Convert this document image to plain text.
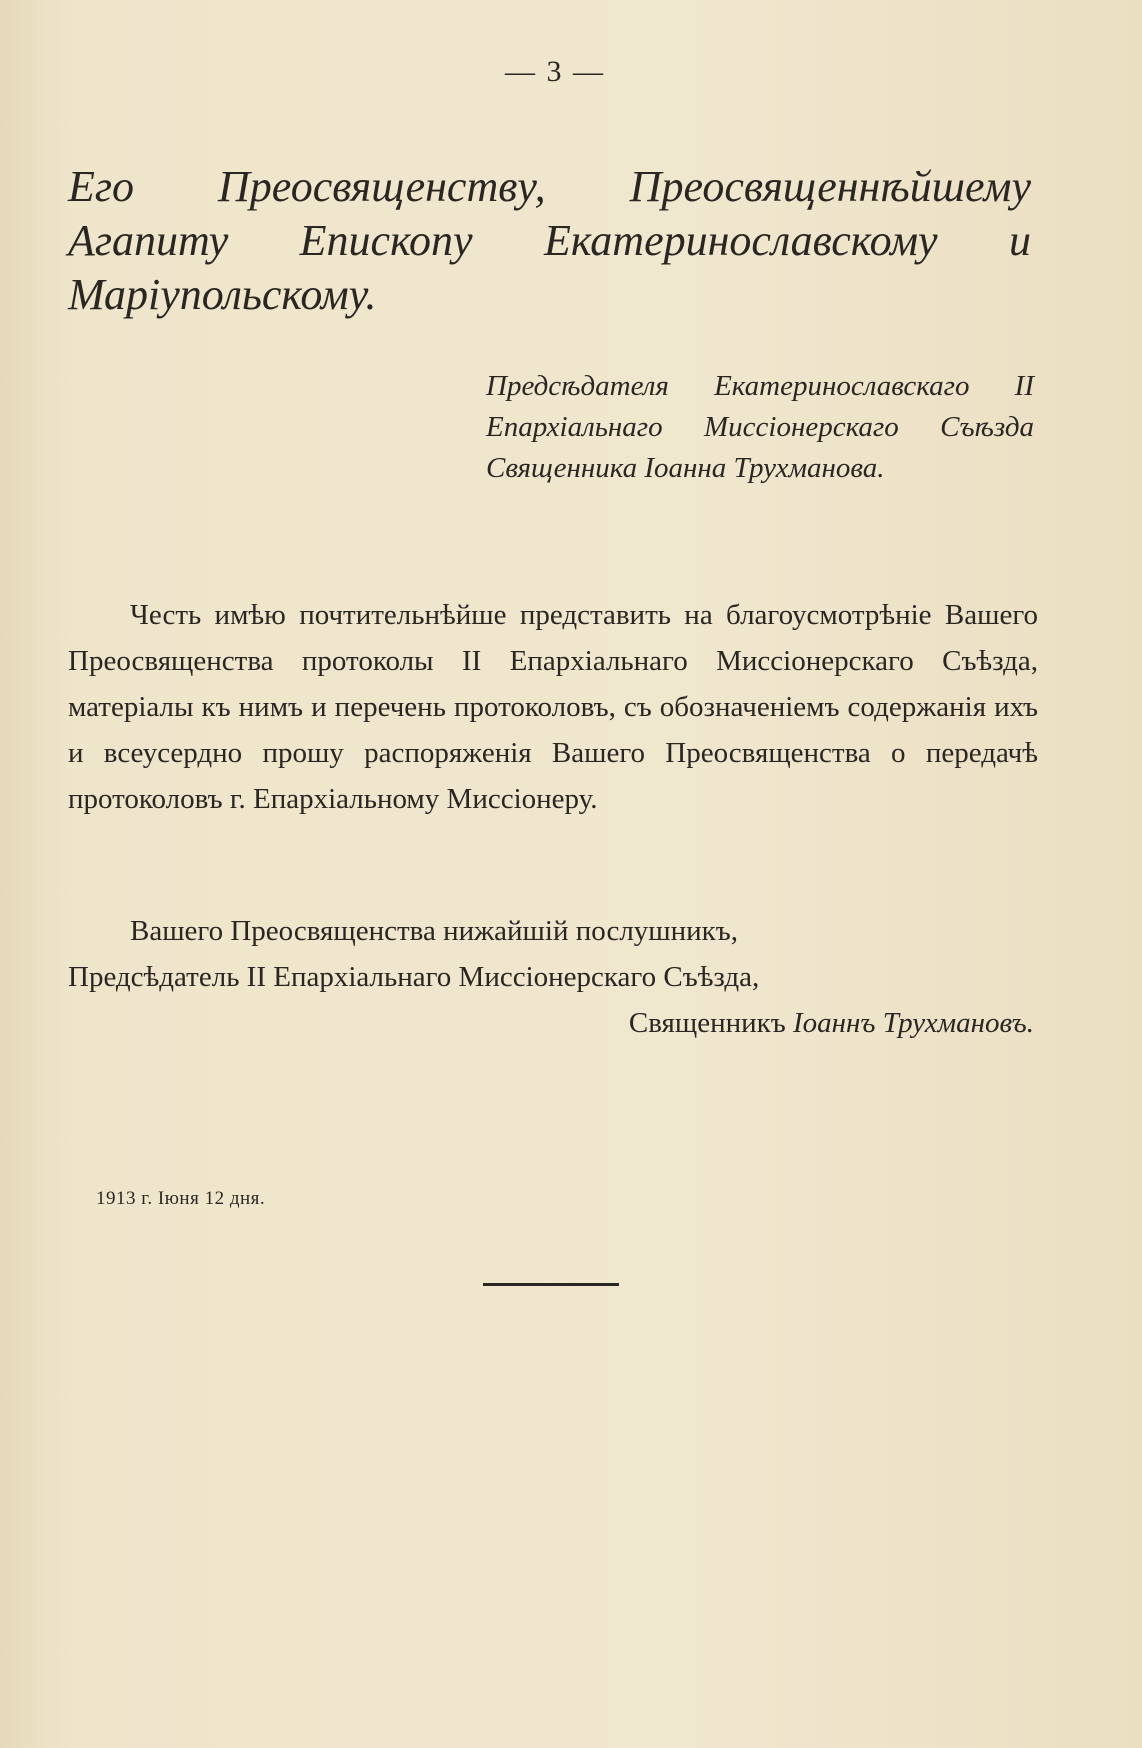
— 3 —
Его Преосвященству, Преосвященнѣйшему Агапиту Епископу Екатеринославскому и Маріупольскому.
Предсѣдателя Екатеринославскаго II Епархіальнаго Миссіонерскаго Съѣзда Священника Іоанна Трухманова.
Честь имѣю почтительнѣйше представить на благоусмотрѣніе Вашего Преосвященства протоколы II Епархіальнаго Миссіонерскаго Съѣзда, матеріалы къ нимъ и перечень протоколовъ, съ обозначеніемъ содержанія ихъ и всеусердно прошу распоряженія Вашего Преосвященства о передачѣ протоколовъ г. Епархіальному Миссіонеру.
Вашего Преосвященства нижайшій послушникъ,
Предсѣдатель II Епархіальнаго Миссіонерскаго Съѣзда,
Священникъ Іоаннъ Трухмановъ.
1913 г. Іюня 12 дня.
